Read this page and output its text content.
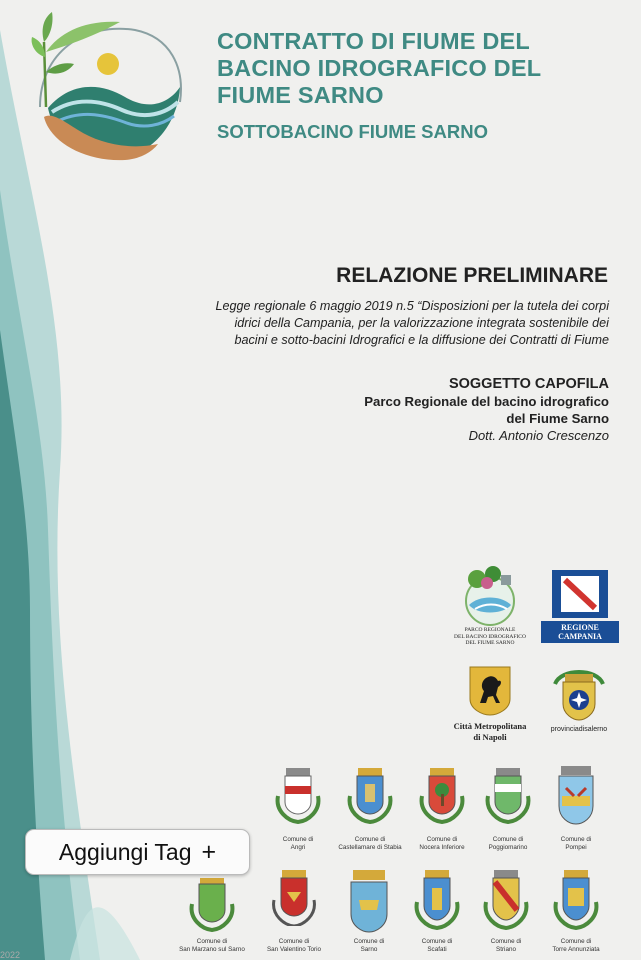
CONTRATTO DI FIUME DEL
BACINO IDROGRAFICO DEL
FIUME SARNO
SOTTOBACINO FIUME SARNO
RELAZIONE PRELIMINARE
Legge regionale 6 maggio 2019 n.5 “Disposizioni per la tutela dei corpi
idrici della Campania, per la valorizzazione integrata sostenibile dei
bacini e sotto-bacini Idrografici e la diffusione dei Contratti di Fiume
SOGGETTO CAPOFILA
Parco Regionale del bacino idrografico
del Fiume Sarno
Dott. Antonio Crescenzo
PARCO REGIONALE
DEL BACINO IDROGRAFICO
DEL FIUME SARNO
REGIONE CAMPANIA
Città Metropolitana
di Napoli
provinciadisalerno
Comune di
Angri
Comune di
Castellamare di Stabia
Comune di
Nocera Inferiore
Comune di
Poggiomarino
Comune di
Pompei
Comune di
San Marzano sul Sarno
Comune di
San Valentino Torio
Comune di
Sarno
Comune di
Scafati
Comune di
Striano
Comune di
Torre Annunziata
Aggiungi Tag +
2022
